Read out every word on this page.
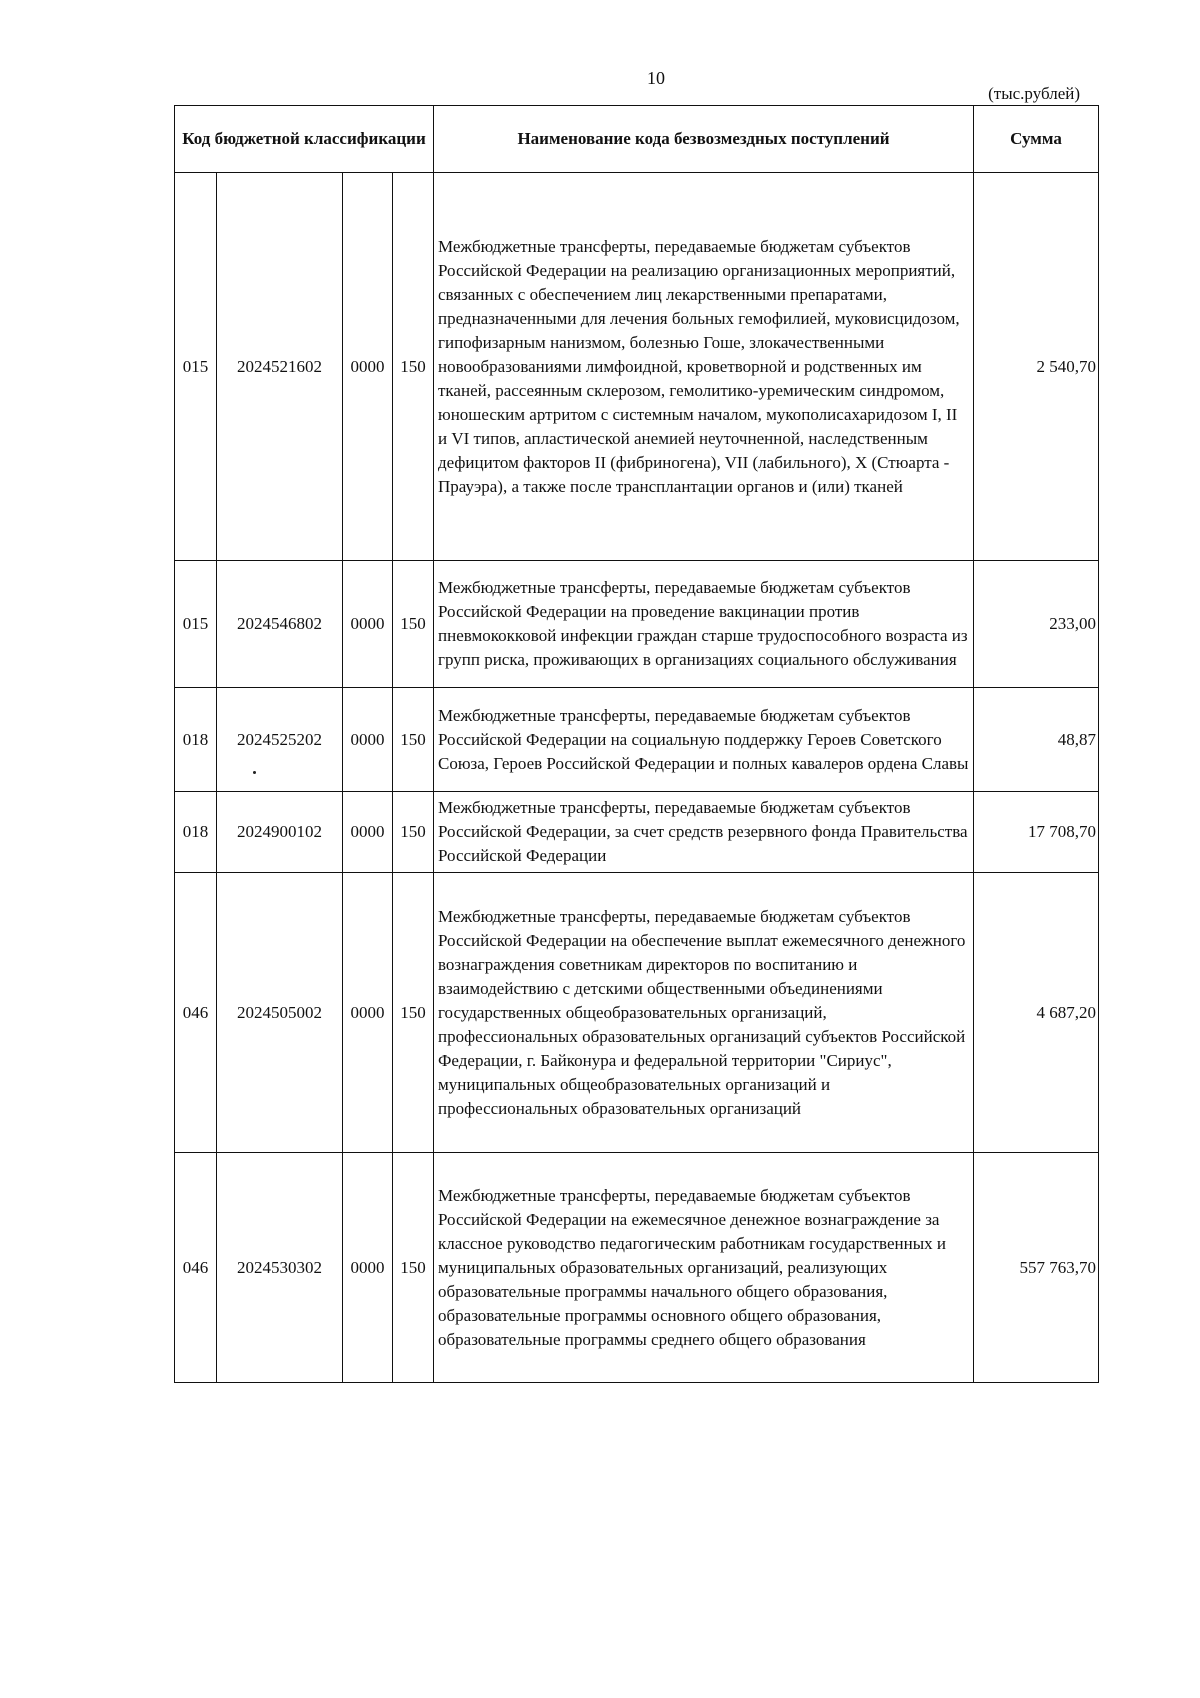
10
(тыс.рублей)
Код бюджетной классификации				Наименование кода безвозмездных поступлений	Сумма
015	2024521602	0000	150	Межбюджетные трансферты, передаваемые бюджетам субъектов Российской Федерации на реализацию организационных мероприятий, связанных с обеспечением лиц лекарственными препаратами, предназначенными для лечения больных гемофилией, муковисцидозом, гипофизарным нанизмом, болезнью Гоше, злокачественными новообразованиями лимфоидной, кроветворной и родственных им тканей, рассеянным склерозом, гемолитико-уремическим синдромом, юношеским артритом с системным началом, мукополисахаридозом I, II и VI типов, апластической анемией неуточненной, наследственным дефицитом факторов II (фибриногена), VII (лабильного), X (Стюарта - Прауэра), а также после трансплантации органов и (или) тканей	2 540,70
015	2024546802	0000	150	Межбюджетные трансферты, передаваемые бюджетам субъектов Российской Федерации на проведение вакцинации против пневмококковой инфекции граждан старше трудоспособного возраста из групп риска, проживающих в организациях социального обслуживания	233,00
018	2024525202	0000	150	Межбюджетные трансферты, передаваемые бюджетам субъектов Российской Федерации на социальную поддержку Героев Советского Союза, Героев Российской Федерации и полных кавалеров ордена Славы	48,87
018	2024900102	0000	150	Межбюджетные трансферты, передаваемые бюджетам субъектов Российской Федерации, за счет средств резервного фонда Правительства Российской Федерации	17 708,70
046	2024505002	0000	150	Межбюджетные трансферты, передаваемые бюджетам субъектов Российской Федерации на обеспечение выплат ежемесячного денежного вознаграждения советникам директоров по воспитанию и взаимодействию с детскими общественными объединениями государственных общеобразовательных организаций, профессиональных образовательных организаций субъектов Российской Федерации, г. Байконура и федеральной территории "Сириус", муниципальных общеобразовательных организаций и профессиональных образовательных организаций	4 687,20
046	2024530302	0000	150	Межбюджетные трансферты, передаваемые бюджетам субъектов Российской Федерации на ежемесячное денежное вознаграждение за классное руководство педагогическим работникам государственных и муниципальных образовательных организаций, реализующих образовательные программы начального общего образования, образовательные программы основного общего образования, образовательные программы среднего общего образования	557 763,70
